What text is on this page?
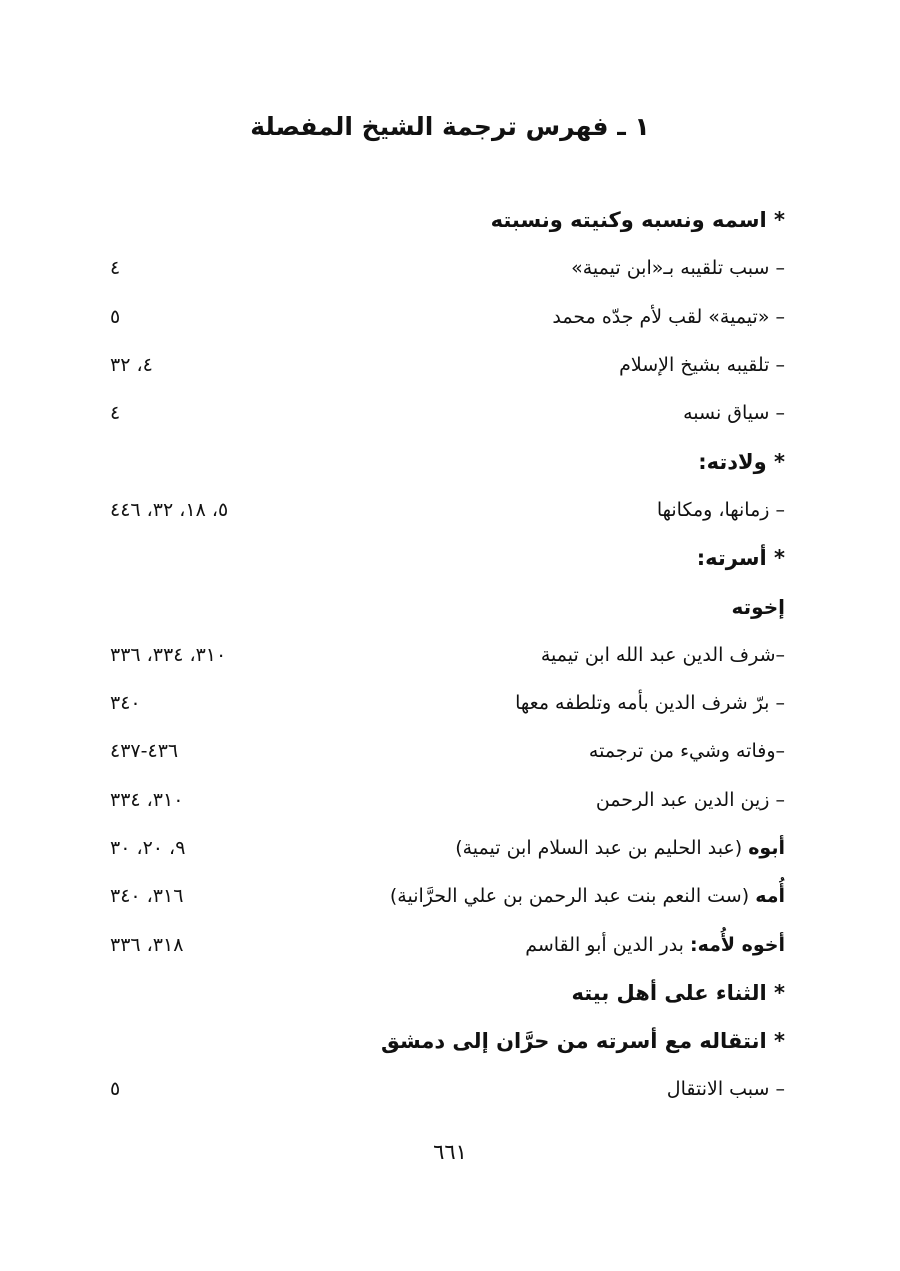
١ ـ فهرس ترجمة الشيخ المفصلة
* اسمه ونسبه وكنيته ونسبته
– سبب تلقيبه بـ«ابن تيمية»
٤
– «تيمية» لقب لأم جدّه محمد
٥
– تلقيبه بشيخ الإسلام
٤، ٣٢
– سياق نسبه
٤
* ولادته:
– زمانها، ومكانها
٥، ١٨، ٣٢، ٤٤٦
* أسرته:
إخوته
–شرف الدين عبد الله ابن تيمية
٣١٠، ٣٣٤، ٣٣٦
– برّ شرف الدين بأمه وتلطفه معها
٣٤٠
–وفاته وشيء من ترجمته
٤٣٦-٤٣٧
– زين الدين عبد الرحمن
٣١٠، ٣٣٤
أبوه (عبد الحليم بن عبد السلام ابن تيمية)
٩، ٢٠، ٣٠
أُمه (ست النعم بنت عبد الرحمن بن علي الحرَّانية)
٣١٦، ٣٤٠
أخوه لأُمه: بدر الدين أبو القاسم
٣١٨، ٣٣٦
* الثناء على أهل بيته
* انتقاله مع أسرته من حرَّان إلى دمشق
– سبب الانتقال
٥
٦٦١
